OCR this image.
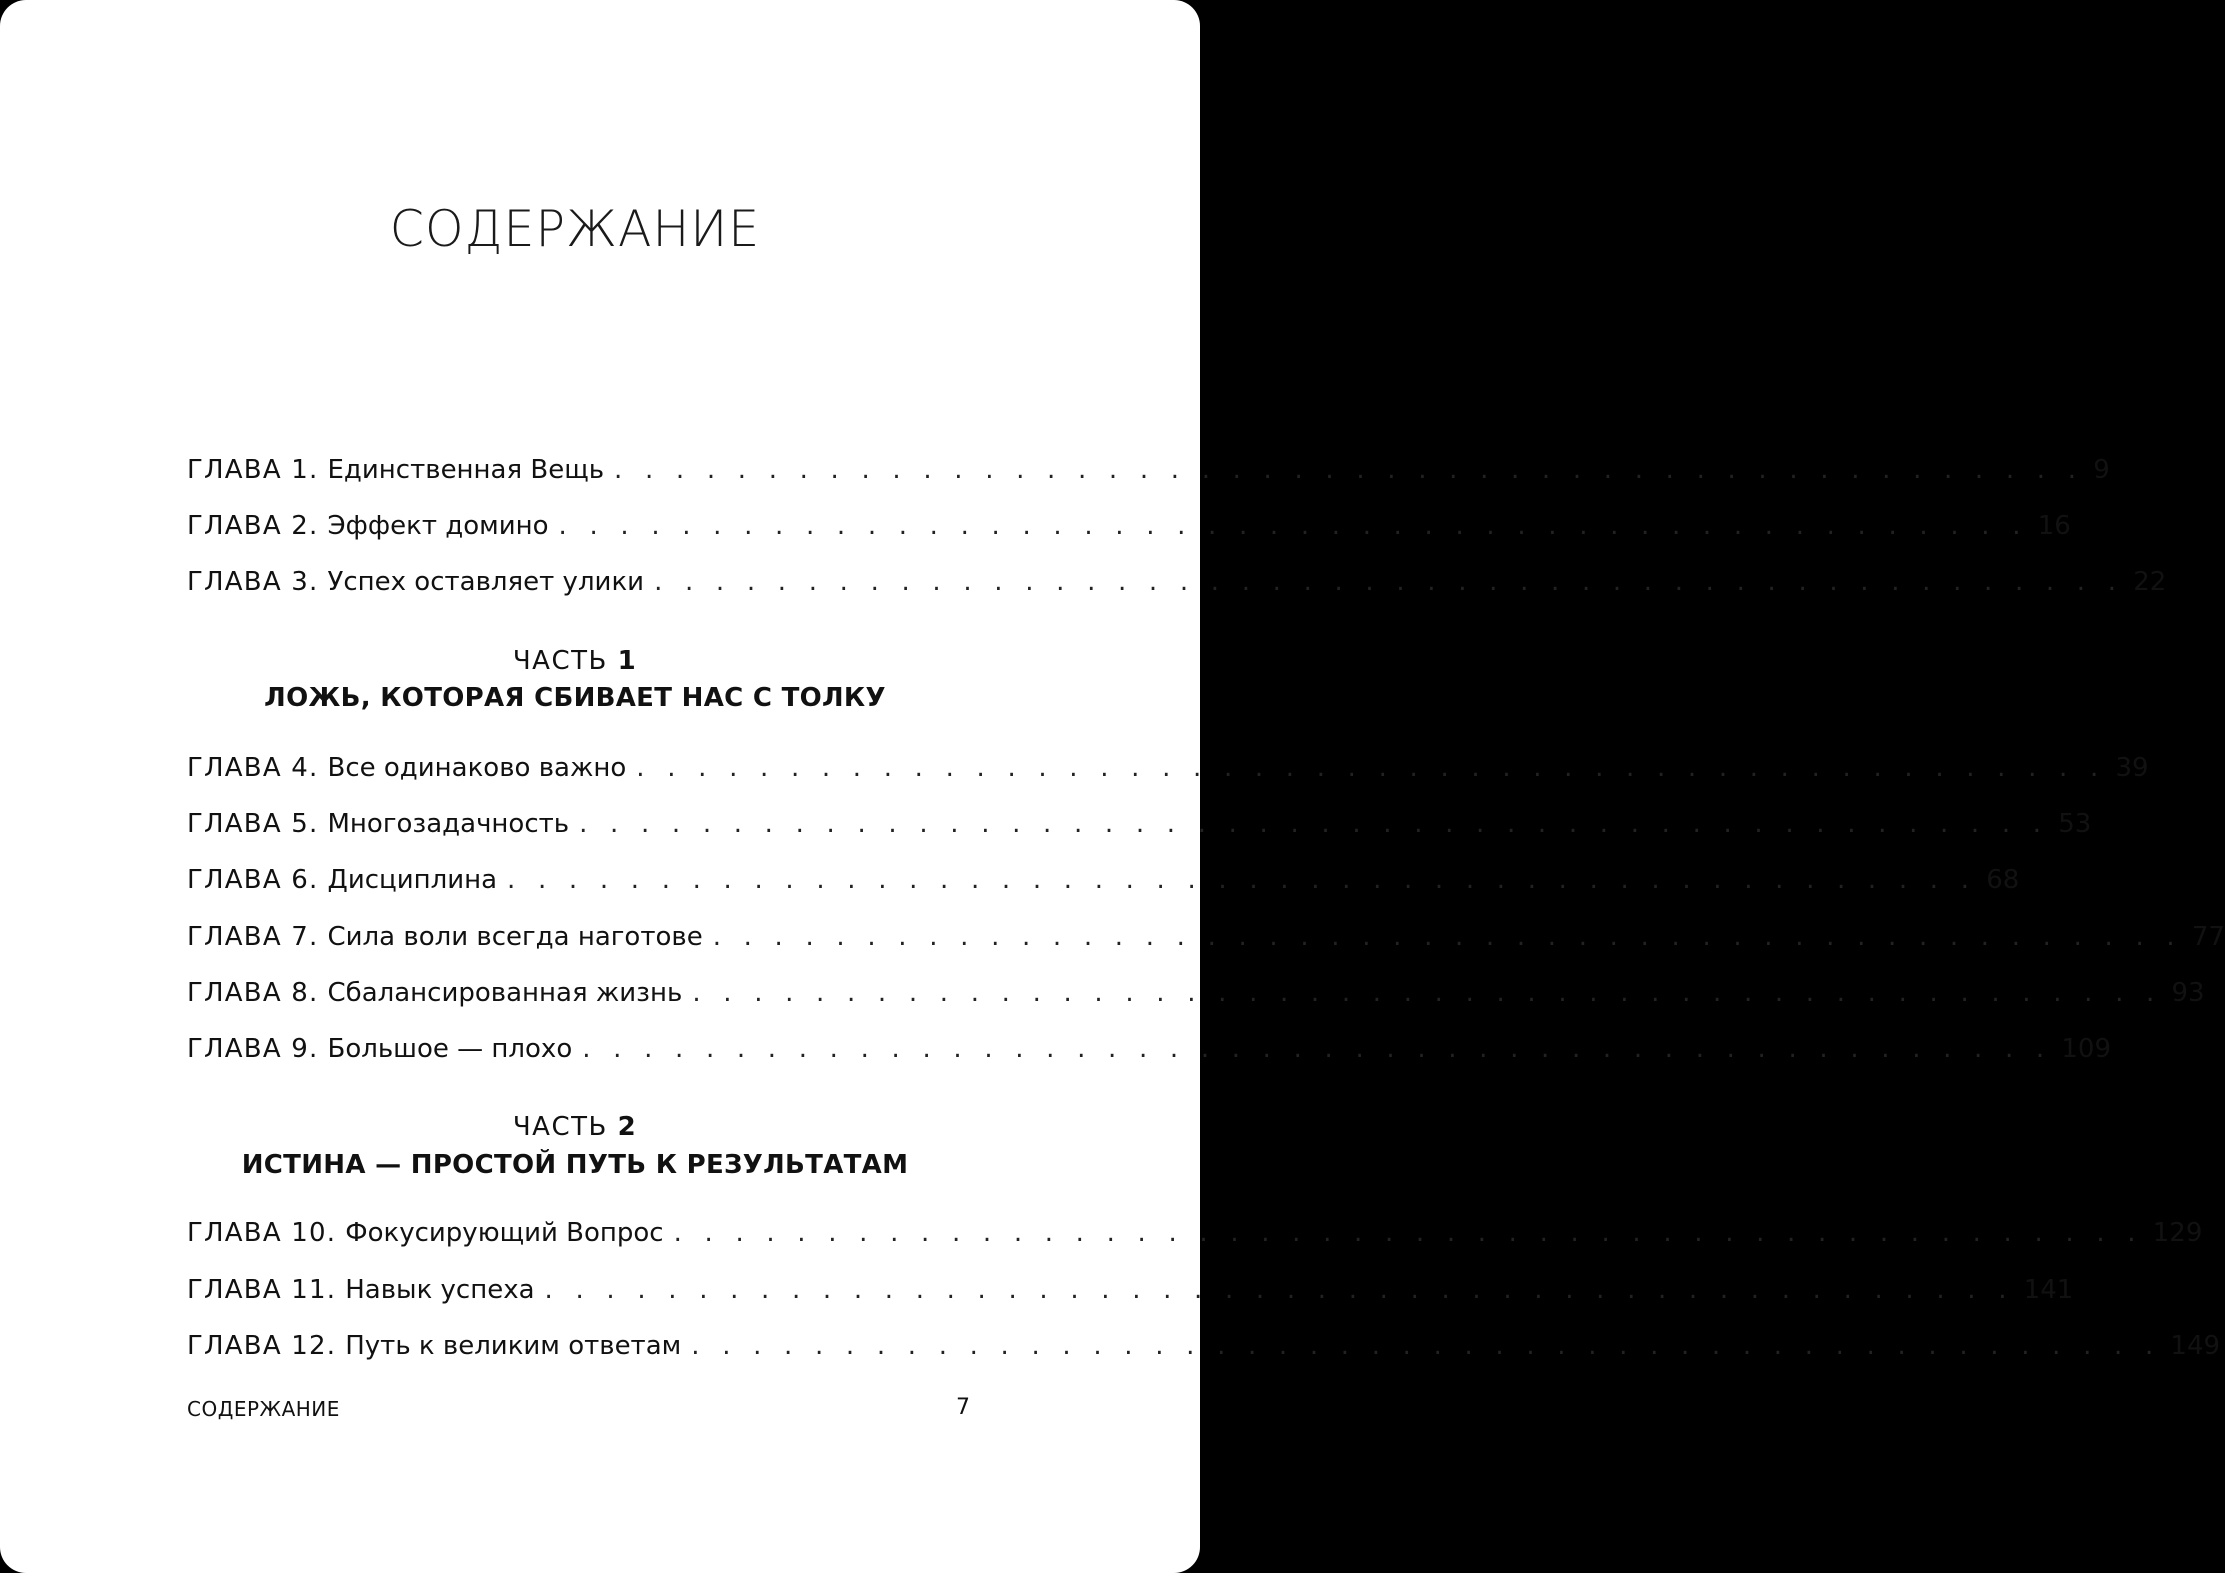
СОДЕРЖАНИЕ
ГЛАВА 1. Единственная Вещь . . . . . . . . . . . . . . . . . . . . . . . . . . . . . . . . . . . . . . . . . . . . . . . . 9
ГЛАВА 2. Эффект домино . . . . . . . . . . . . . . . . . . . . . . . . . . . . . . . . . . . . . . . . . . . . . . . . 16
ГЛАВА 3. Успех оставляет улики . . . . . . . . . . . . . . . . . . . . . . . . . . . . . . . . . . . . . . . . . . . . . . . . 22
ЧАСТЬ 1
ЛОЖЬ, КОТОРАЯ СБИВАЕТ НАС С ТОЛКУ
ГЛАВА 4. Все одинаково важно . . . . . . . . . . . . . . . . . . . . . . . . . . . . . . . . . . . . . . . . . . . . . . . . 39
ГЛАВА 5. Многозадачность . . . . . . . . . . . . . . . . . . . . . . . . . . . . . . . . . . . . . . . . . . . . . . . . 53
ГЛАВА 6. Дисциплина . . . . . . . . . . . . . . . . . . . . . . . . . . . . . . . . . . . . . . . . . . . . . . . . 68
ГЛАВА 7. Сила воли всегда наготове . . . . . . . . . . . . . . . . . . . . . . . . . . . . . . . . . . . . . . . . . . . . . . . . 77
ГЛАВА 8. Сбалансированная жизнь . . . . . . . . . . . . . . . . . . . . . . . . . . . . . . . . . . . . . . . . . . . . . . . . 93
ГЛАВА 9. Большое — плохо . . . . . . . . . . . . . . . . . . . . . . . . . . . . . . . . . . . . . . . . . . . . . . . . 109
ЧАСТЬ 2
ИСТИНА — ПРОСТОЙ ПУТЬ К РЕЗУЛЬТАТАМ
ГЛАВА 10. Фокусирующий Вопрос . . . . . . . . . . . . . . . . . . . . . . . . . . . . . . . . . . . . . . . . . . . . . . . . 129
ГЛАВА 11. Навык успеха . . . . . . . . . . . . . . . . . . . . . . . . . . . . . . . . . . . . . . . . . . . . . . . . 141
ГЛАВА 12. Путь к великим ответам . . . . . . . . . . . . . . . . . . . . . . . . . . . . . . . . . . . . . . . . . . . . . . . . 149
СОДЕРЖАНИЕ	7
